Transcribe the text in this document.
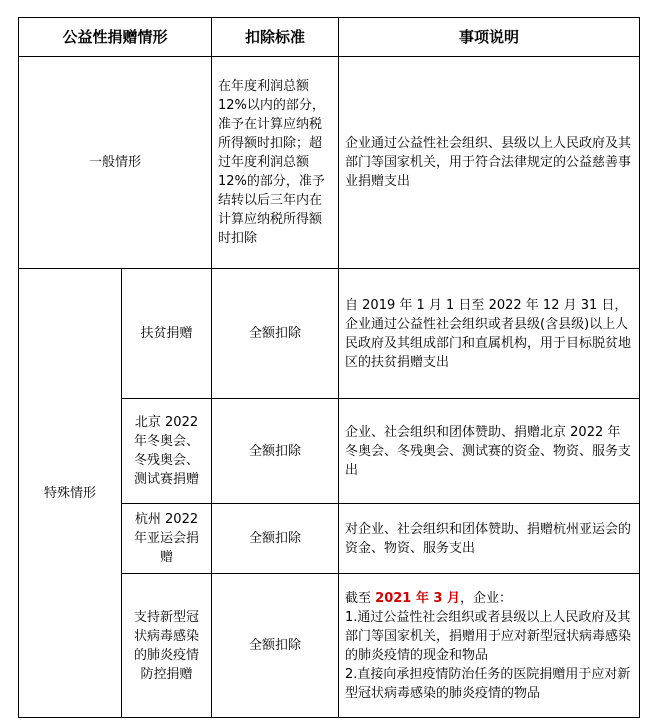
公益性捐赠情形		扣除标准	事项说明
一般情形		在年度利润总额12%以内的部分，准予在计算应纳税所得额时扣除；超过年度利润总额12%的部分，准予结转以后三年内在计算应纳税所得额时扣除	企业通过公益性社会组织、县级以上人民政府及其部门等国家机关，用于符合法律规定的公益慈善事业捐赠支出
特殊情形	扶贫捐赠	全额扣除	自 2019 年 1 月 1 日至 2022 年 12 月 31 日，企业通过公益性社会组织或者县级(含县级)以上人民政府及其组成部门和直属机构，用于目标脱贫地区的扶贫捐赠支出
	北京 2022 年冬奥会、冬残奥会、测试赛捐赠	全额扣除	企业、社会组织和团体赞助、捐赠北京 2022 年冬奥会、冬残奥会、测试赛的资金、物资、服务支出
	杭州 2022 年亚运会捐赠	全额扣除	对企业、社会组织和团体赞助、捐赠杭州亚运会的资金、物资、服务支出
	支持新型冠状病毒感染的肺炎疫情防控捐赠	全额扣除	截至 2021 年 3 月，企业：
1.通过公益性社会组织或者县级以上人民政府及其部门等国家机关，捐赠用于应对新型冠状病毒感染的肺炎疫情的现金和物品
2.直接向承担疫情防治任务的医院捐赠用于应对新型冠状病毒感染的肺炎疫情的物品
